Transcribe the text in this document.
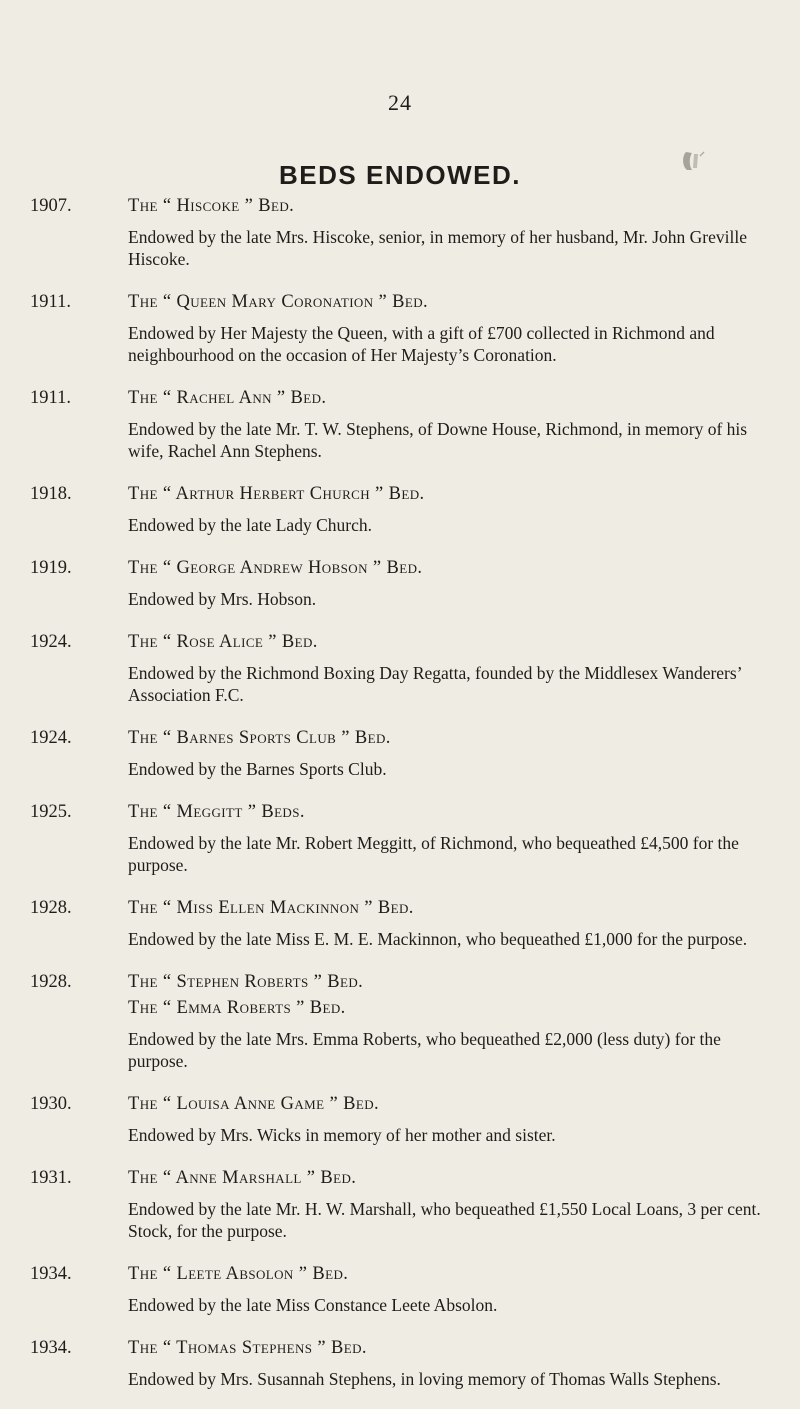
24
BEDS ENDOWED.
1907.	The “ Hiscoke ” Bed.
Endowed by the late Mrs. Hiscoke, senior, in memory of her husband, Mr. John Greville Hiscoke.
1911.	The “ Queen Mary Coronation ” Bed.
Endowed by Her Majesty the Queen, with a gift of £700 collected in Richmond and neighbourhood on the occasion of Her Majesty’s Coronation.
1911.	The “ Rachel Ann ” Bed.
Endowed by the late Mr. T. W. Stephens, of Downe House, Richmond, in memory of his wife, Rachel Ann Stephens.
1918.	The “ Arthur Herbert Church ” Bed.
Endowed by the late Lady Church.
1919.	The “ George Andrew Hobson ” Bed.
Endowed by Mrs. Hobson.
1924.	The “ Rose Alice ” Bed.
Endowed by the Richmond Boxing Day Regatta, founded by the Middlesex Wanderers’ Association F.C.
1924.	The “ Barnes Sports Club ” Bed.
Endowed by the Barnes Sports Club.
1925.	The “ Meggitt ” Beds.
Endowed by the late Mr. Robert Meggitt, of Richmond, who bequeathed £4,500 for the purpose.
1928.	The “ Miss Ellen Mackinnon ” Bed.
Endowed by the late Miss E. M. E. Mackinnon, who bequeathed £1,000 for the purpose.
1928.	The “ Stephen Roberts ” Bed.
The “ Emma Roberts ” Bed.
Endowed by the late Mrs. Emma Roberts, who bequeathed £2,000 (less duty) for the purpose.
1930.	The “ Louisa Anne Game ” Bed.
Endowed by Mrs. Wicks in memory of her mother and sister.
1931.	The “ Anne Marshall ” Bed.
Endowed by the late Mr. H. W. Marshall, who bequeathed £1,550 Local Loans, 3 per cent. Stock, for the purpose.
1934.	The “ Leete Absolon ” Bed.
Endowed by the late Miss Constance Leete Absolon.
1934.	The “ Thomas Stephens ” Bed.
Endowed by Mrs. Susannah Stephens, in loving memory of Thomas Walls Stephens.
